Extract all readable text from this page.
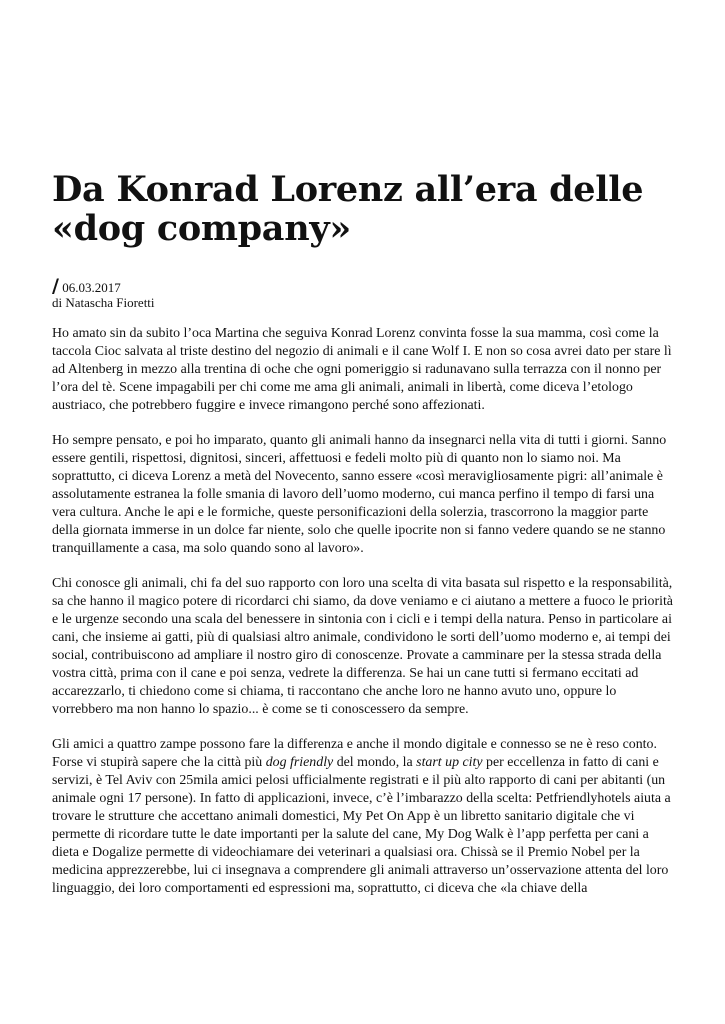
Da Konrad Lorenz all’era delle
«dog company»
/ 06.03.2017
di Natascha Fioretti

Ho amato sin da subito l’oca Martina che seguiva Konrad Lorenz convinta fosse la sua mamma, così come la taccola Cioc salvata al triste destino del negozio di animali e il cane Wolf I. E non so cosa avrei dato per stare lì ad Altenberg in mezzo alla trentina di oche che ogni pomeriggio si radunavano sulla terrazza con il nonno per l’ora del tè. Scene impagabili per chi come me ama gli animali, animali in libertà, come diceva l’etologo austriaco, che potrebbero fuggire e invece rimangono perché sono affezionati.

Ho sempre pensato, e poi ho imparato, quanto gli animali hanno da insegnarci nella vita di tutti i giorni. Sanno essere gentili, rispettosi, dignitosi, sinceri, affettuosi e fedeli molto più di quanto non lo siamo noi. Ma soprattutto, ci diceva Lorenz a metà del Novecento, sanno essere «così meravigliosamente pigri: all’animale è assolutamente estranea la folle smania di lavoro dell’uomo moderno, cui manca perfino il tempo di farsi una vera cultura. Anche le api e le formiche, queste personificazioni della solerzia, trascorrono la maggior parte della giornata immerse in un dolce far niente, solo che quelle ipocrite non si fanno vedere quando se ne stanno tranquillamente a casa, ma solo quando sono al lavoro».

Chi conosce gli animali, chi fa del suo rapporto con loro una scelta di vita basata sul rispetto e la responsabilità, sa che hanno il magico potere di ricordarci chi siamo, da dove veniamo e ci aiutano a mettere a fuoco le priorità e le urgenze secondo una scala del benessere in sintonia con i cicli e i tempi della natura. Penso in particolare ai cani, che insieme ai gatti, più di qualsiasi altro animale, condividono le sorti dell’uomo moderno e, ai tempi dei social, contribuiscono ad ampliare il nostro giro di conoscenze. Provate a camminare per la stessa strada della vostra città, prima con il cane e poi senza, vedrete la differenza. Se hai un cane tutti si fermano eccitati ad accarezzarlo, ti chiedono come si chiama, ti raccontano che anche loro ne hanno avuto uno, oppure lo vorrebbero ma non hanno lo spazio... è come se ti conoscessero da sempre.

Gli amici a quattro zampe possono fare la differenza e anche il mondo digitale e connesso se ne è reso conto. Forse vi stupirà sapere che la città più dog friendly del mondo, la start up city per eccellenza in fatto di cani e servizi, è Tel Aviv con 25mila amici pelosi ufficialmente registrati e il più alto rapporto di cani per abitanti (un animale ogni 17 persone). In fatto di applicazioni, invece, c’è l’imbarazzo della scelta: Petfriendlyhotels aiuta a trovare le strutture che accettano animali domestici, My Pet On App è un libretto sanitario digitale che vi permette di ricordare tutte le date importanti per la salute del cane, My Dog Walk è l’app perfetta per cani a dieta e Dogalize permette di videochiamare dei veterinari a qualsiasi ora. Chissà se il Premio Nobel per la medicina apprezzerebbe, lui ci insegnava a comprendere gli animali attraverso un’osservazione attenta del loro linguaggio, dei loro comportamenti ed espressioni ma, soprattutto, ci diceva che «la chiave della
